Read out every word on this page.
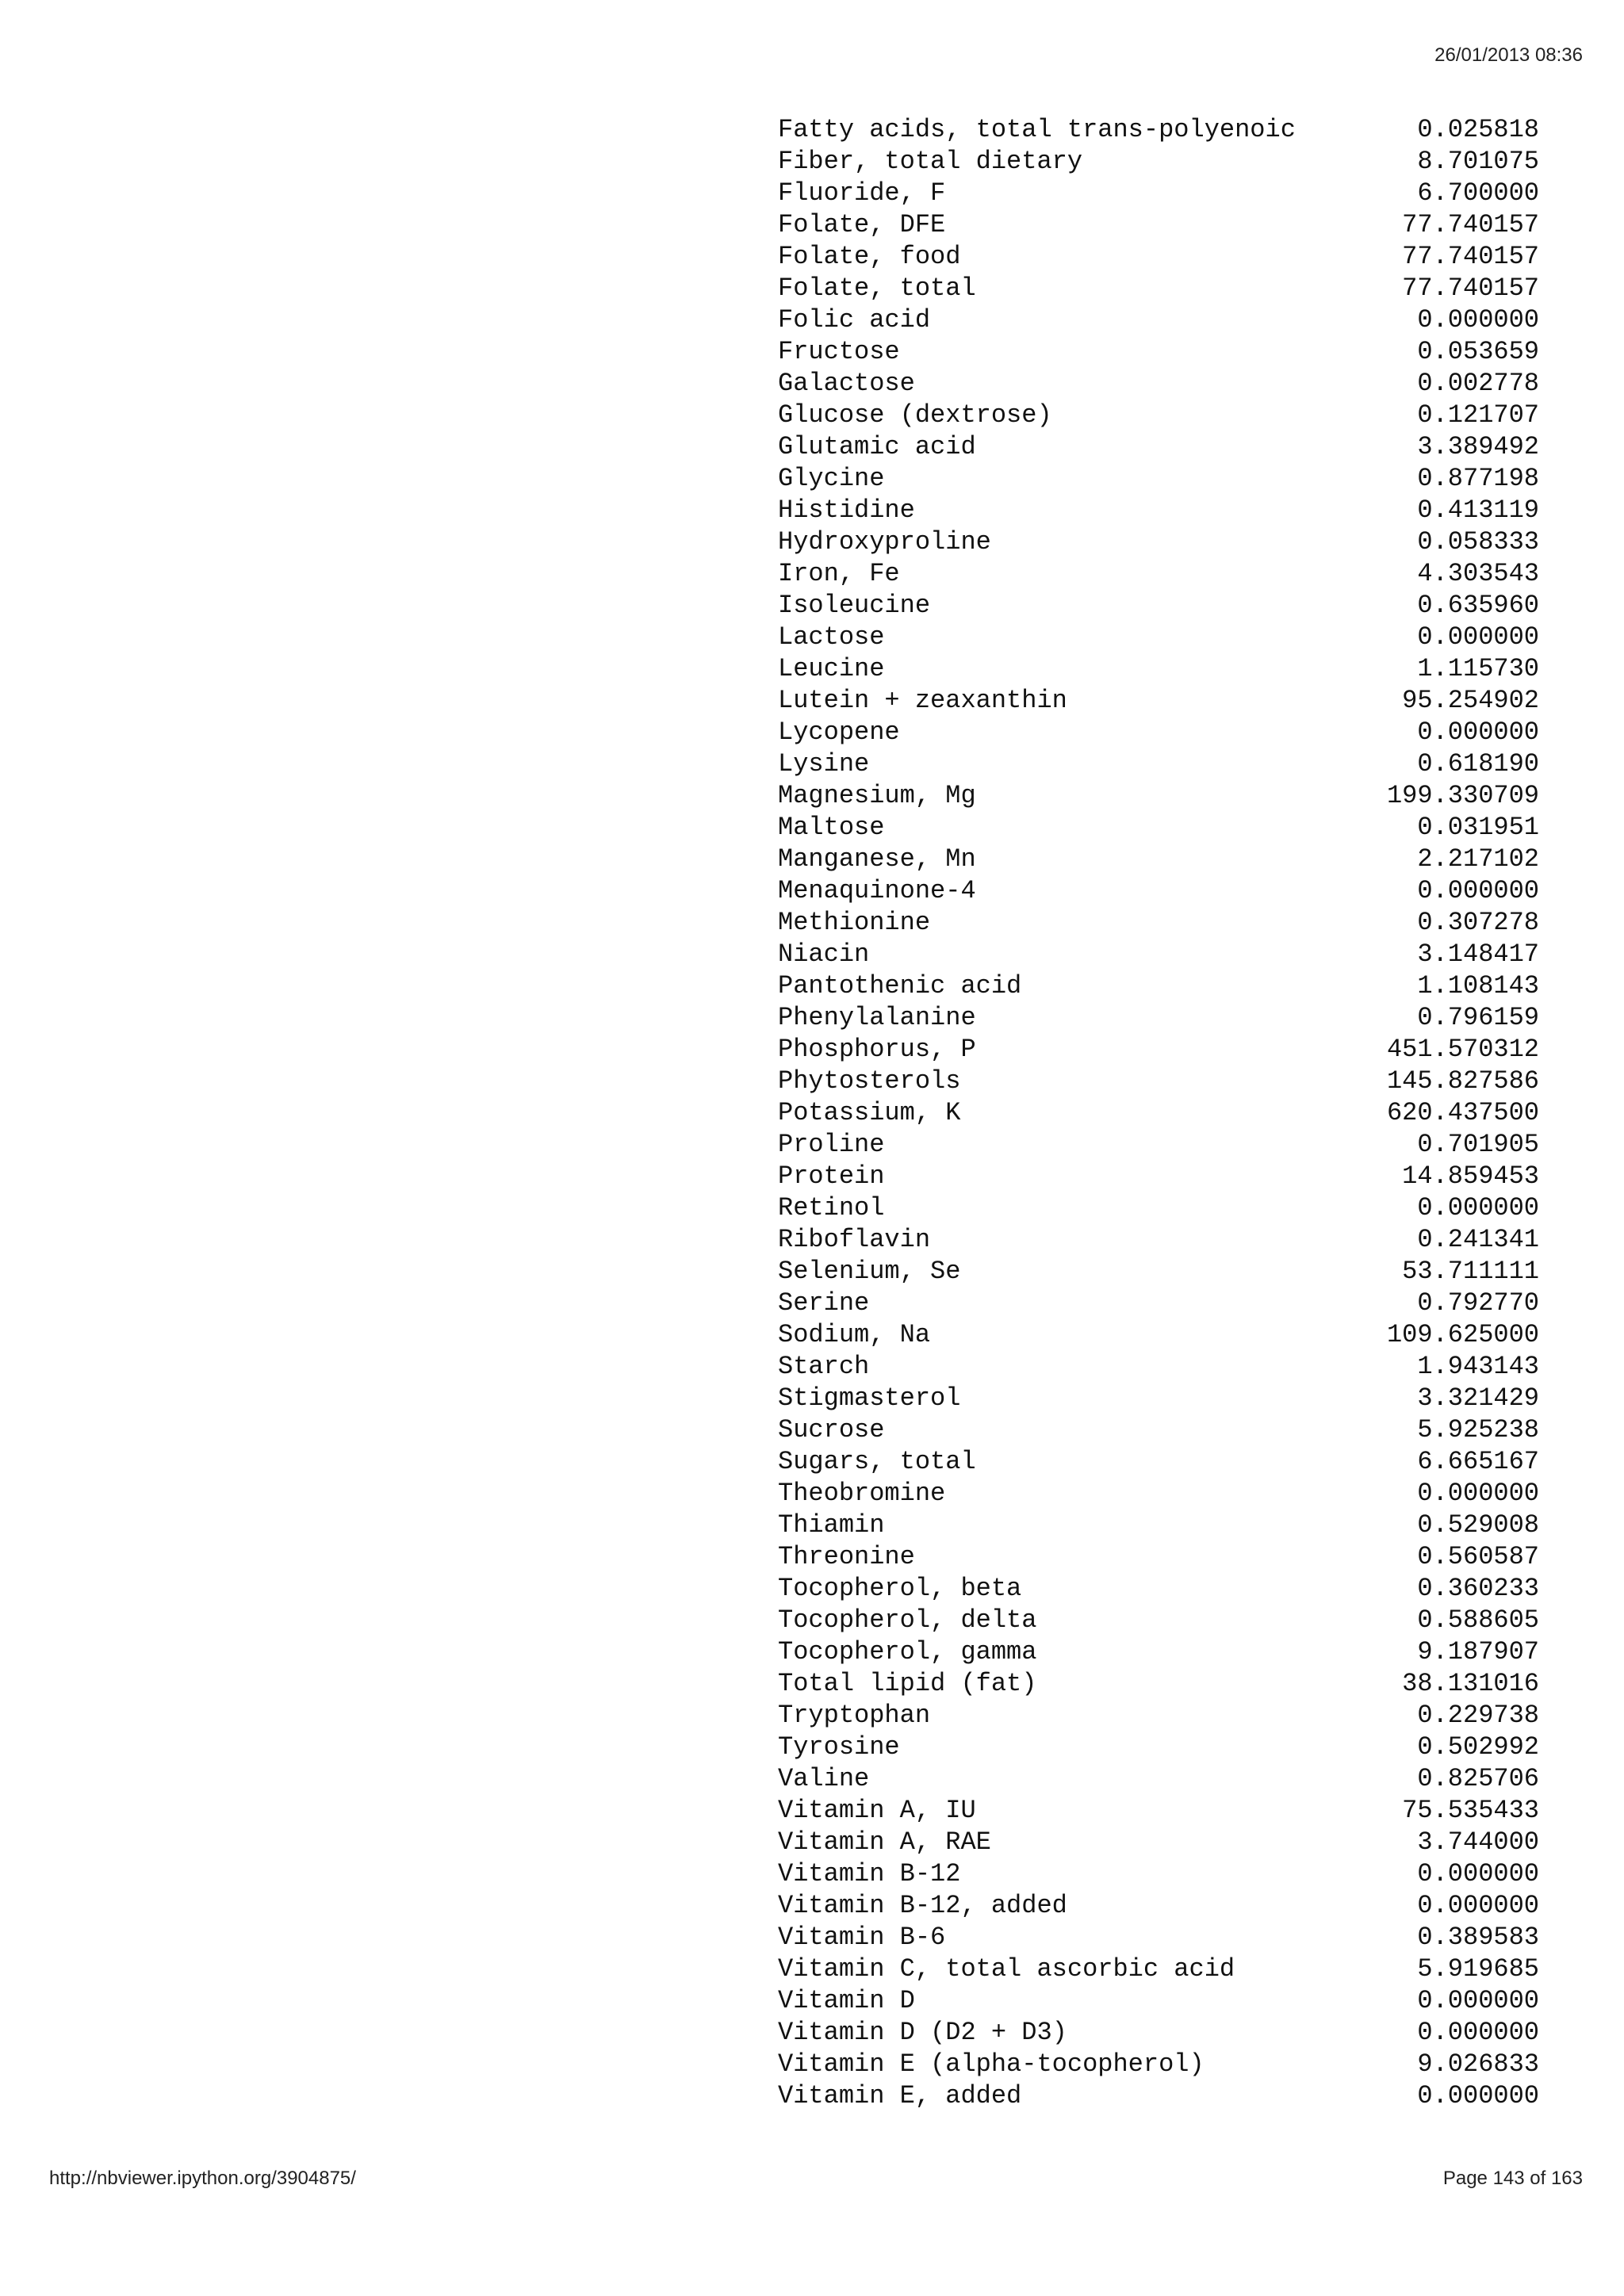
26/01/2013 08:36
Fatty acids, total trans-polyenoic	0.025818
Fiber, total dietary	8.701075
Fluoride, F	6.700000
Folate, DFE	77.740157
Folate, food	77.740157
Folate, total	77.740157
Folic acid	0.000000
Fructose	0.053659
Galactose	0.002778
Glucose (dextrose)	0.121707
Glutamic acid	3.389492
Glycine	0.877198
Histidine	0.413119
Hydroxyproline	0.058333
Iron, Fe	4.303543
Isoleucine	0.635960
Lactose	0.000000
Leucine	1.115730
Lutein + zeaxanthin	95.254902
Lycopene	0.000000
Lysine	0.618190
Magnesium, Mg	199.330709
Maltose	0.031951
Manganese, Mn	2.217102
Menaquinone-4	0.000000
Methionine	0.307278
Niacin	3.148417
Pantothenic acid	1.108143
Phenylalanine	0.796159
Phosphorus, P	451.570312
Phytosterols	145.827586
Potassium, K	620.437500
Proline	0.701905
Protein	14.859453
Retinol	0.000000
Riboflavin	0.241341
Selenium, Se	53.711111
Serine	0.792770
Sodium, Na	109.625000
Starch	1.943143
Stigmasterol	3.321429
Sucrose	5.925238
Sugars, total	6.665167
Theobromine	0.000000
Thiamin	0.529008
Threonine	0.560587
Tocopherol, beta	0.360233
Tocopherol, delta	0.588605
Tocopherol, gamma	9.187907
Total lipid (fat)	38.131016
Tryptophan	0.229738
Tyrosine	0.502992
Valine	0.825706
Vitamin A, IU	75.535433
Vitamin A, RAE	3.744000
Vitamin B-12	0.000000
Vitamin B-12, added	0.000000
Vitamin B-6	0.389583
Vitamin C, total ascorbic acid	5.919685
Vitamin D	0.000000
Vitamin D (D2 + D3)	0.000000
Vitamin E (alpha-tocopherol)	9.026833
Vitamin E, added	0.000000
http://nbviewer.ipython.org/3904875/	Page 143 of 163
